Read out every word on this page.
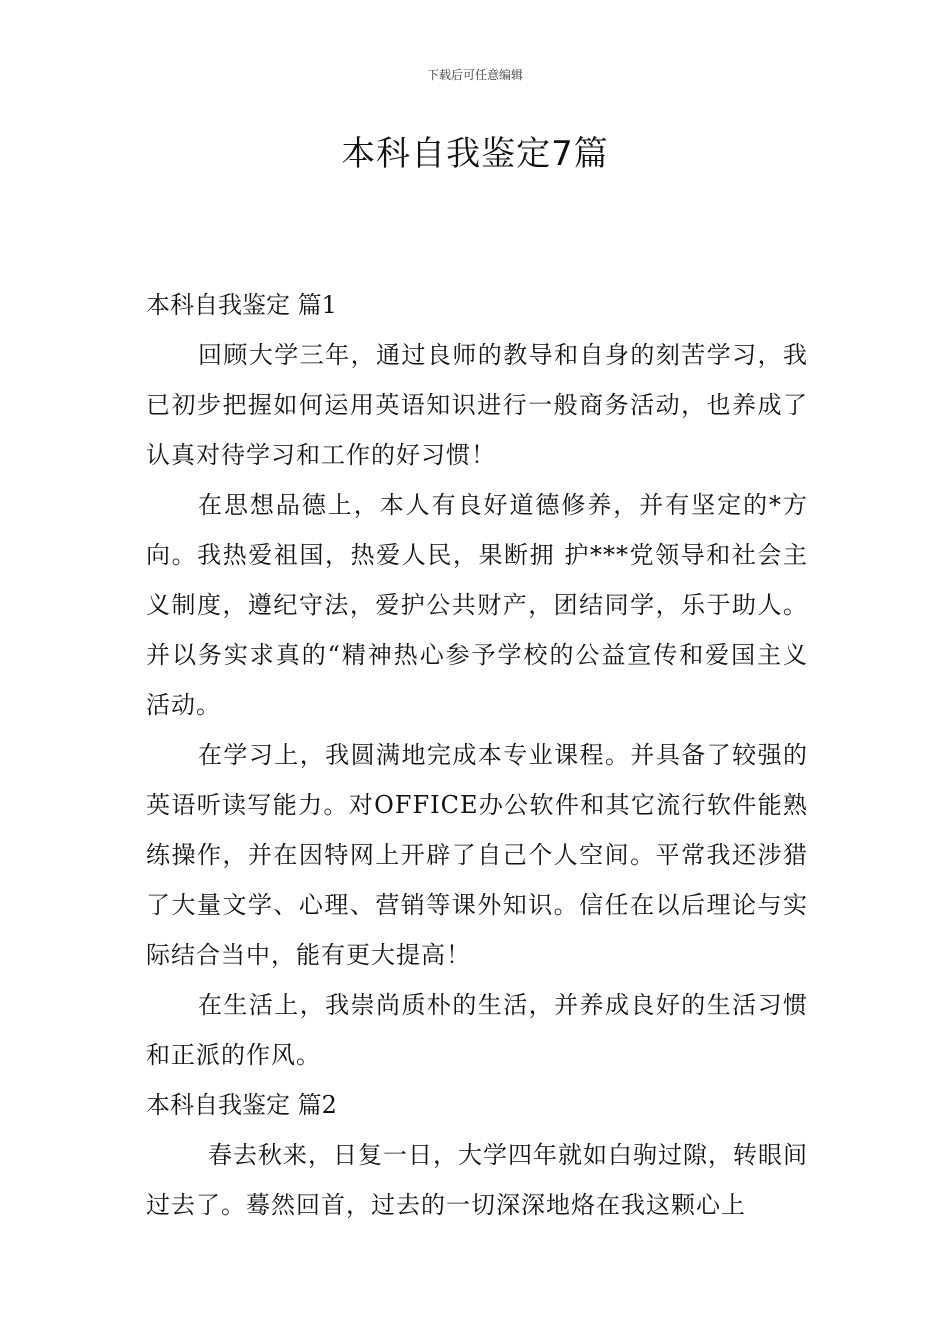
下载后可任意编辑
本科自我鉴定7篇
本科自我鉴定 篇1

回顾大学三年，通过良师的教导和自身的刻苦学习，我已初步把握如何运用英语知识进行一般商务活动，也养成了认真对待学习和工作的好习惯！

在思想品德上，本人有良好道德修养，并有坚定的*方向。我热爱祖国，热爱人民，果断拥 护***党领导和社会主义制度，遵纪守法，爱护公共财产，团结同学，乐于助人。并以务实求真的“精神热心参予学校的公益宣传和爱国主义活动。

在学习上，我圆满地完成本专业课程。并具备了较强的英语听读写能力。对OFFICE办公软件和其它流行软件能熟练操作，并在因特网上开辟了自己个人空间。平常我还涉猎了大量文学、心理、营销等课外知识。信任在以后理论与实际结合当中，能有更大提高！

在生活上，我崇尚质朴的生活，并养成良好的生活习惯和正派的作风。

本科自我鉴定 篇2

春去秋来，日复一日，大学四年就如白驹过隙，转眼间过去了。蓦然回首，过去的一切深深地烙在我这颗心上
